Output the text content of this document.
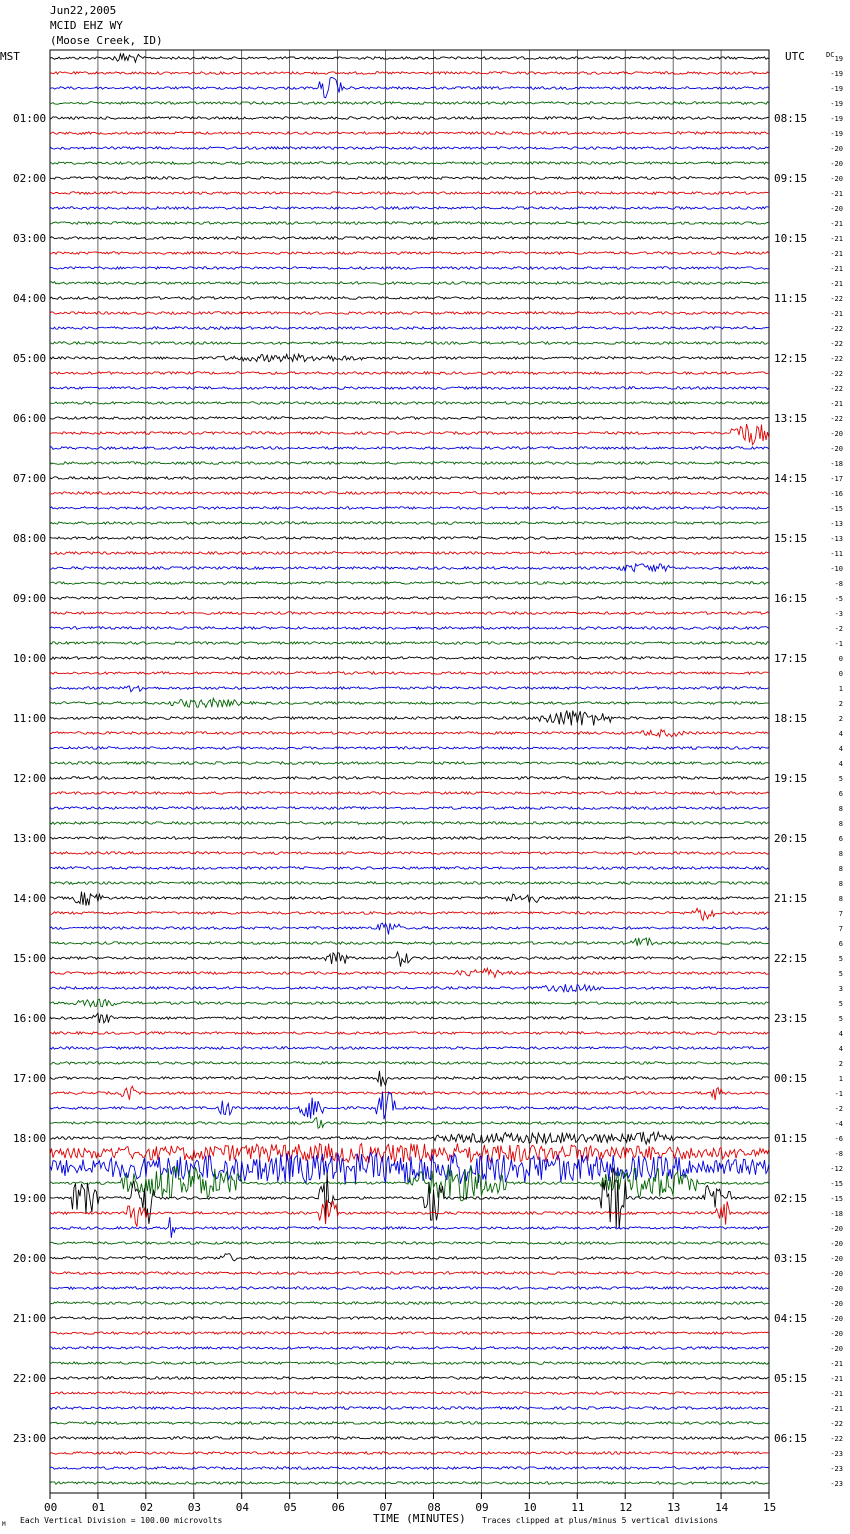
Jun22,2005
MCID EHZ WY
(Moose Creek, ID)
MST	UTC	DC
TIME (MINUTES)
Each Vertical Division = 100.00 microvolts	Traces clipped at plus/minus 5 vertical divisions
M
00	01	02	03	04	05	06	07	08	09	10	11	12	13	14	15
19
-19
-19
-19
-19
-19
-20
-20
-20
-21
-20
-21
-21
-21
-21
-21
-22
-21
-22
-22
-22
-22
-22
-21
-22
-20
-20
-18
-17
-16
-15
-13
-13
-11
-10
-8
-5
-3
-2
-1
0
0
1
2
2
4
4
4
5
6
8
8
6
8
8
8
8
7
7
6
5
5
3
5
5
4
4
2
1
-1
-2
-4
-6
-8
-12
-15
-15
-18
-20
-20
-20
-20
-20
-20
-20
-20
-20
-21
-21
-21
-21
-22
-22
-23
-23
-23
01:00
02:00
03:00
04:00
05:00
06:00
07:00
08:00
09:00
10:00
11:00
12:00
13:00
14:00
15:00
16:00
17:00
18:00
19:00
20:00
21:00
22:00
23:00
08:15
09:15
10:15
11:15
12:15
13:15
14:15
15:15
16:15
17:15
18:15
19:15
20:15
21:15
22:15
23:15
00:15
01:15
02:15
03:15
04:15
05:15
06:15
